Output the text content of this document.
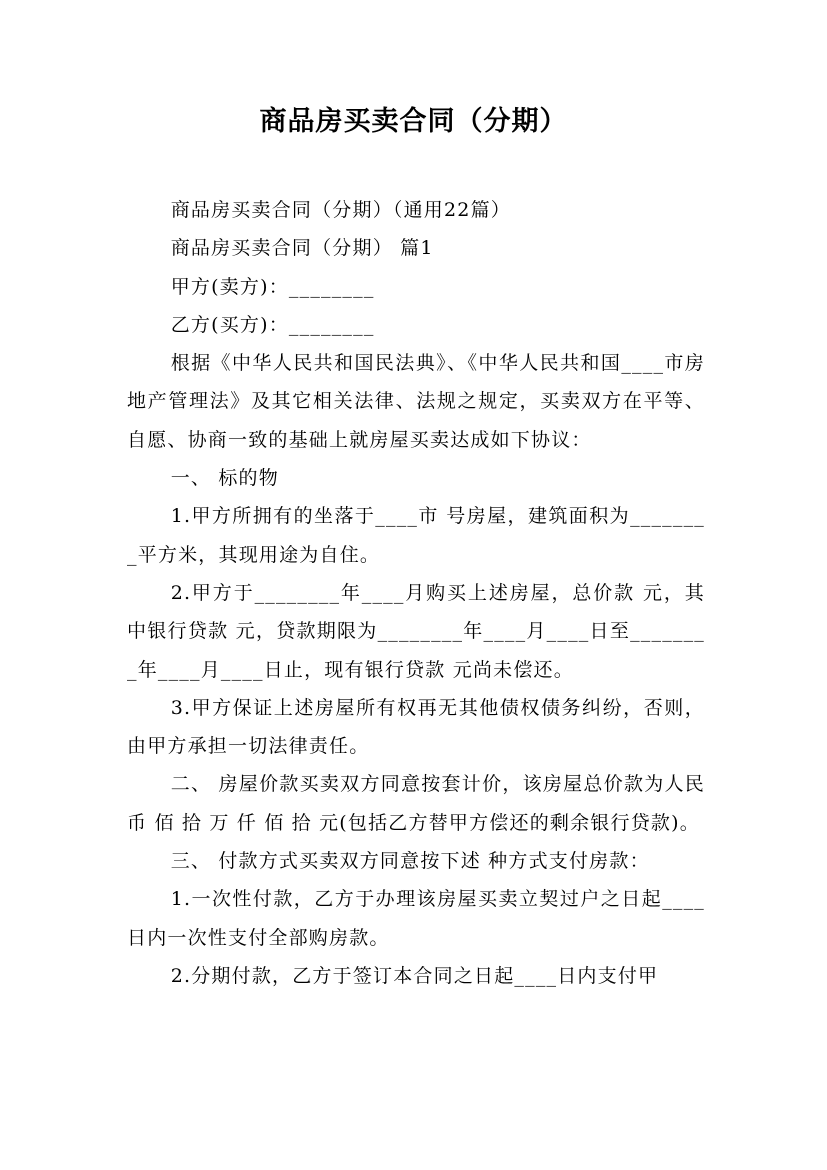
商品房买卖合同（分期）

商品房买卖合同（分期）（通用22篇）

商品房买卖合同（分期） 篇1

甲方(卖方)：________

乙方(买方)：________

根据《中华人民共和国民法典》、《中华人民共和国____市房地产管理法》及其它相关法律、法规之规定，买卖双方在平等、自愿、协商一致的基础上就房屋买卖达成如下协议：

一、 标的物

1.甲方所拥有的坐落于____市 号房屋，建筑面积为________平方米，其现用途为自住。

2.甲方于________年____月购买上述房屋，总价款 元，其中银行贷款 元，贷款期限为________年____月____日至________年____月____日止，现有银行贷款 元尚未偿还。

3.甲方保证上述房屋所有权再无其他债权债务纠纷，否则，由甲方承担一切法律责任。

二、 房屋价款买卖双方同意按套计价，该房屋总价款为人民币 佰 拾 万 仟 佰 拾 元(包括乙方替甲方偿还的剩余银行贷款)。

三、 付款方式买卖双方同意按下述 种方式支付房款：

1.一次性付款，乙方于办理该房屋买卖立契过户之日起____日内一次性支付全部购房款。

2.分期付款，乙方于签订本合同之日起____日内支付甲
